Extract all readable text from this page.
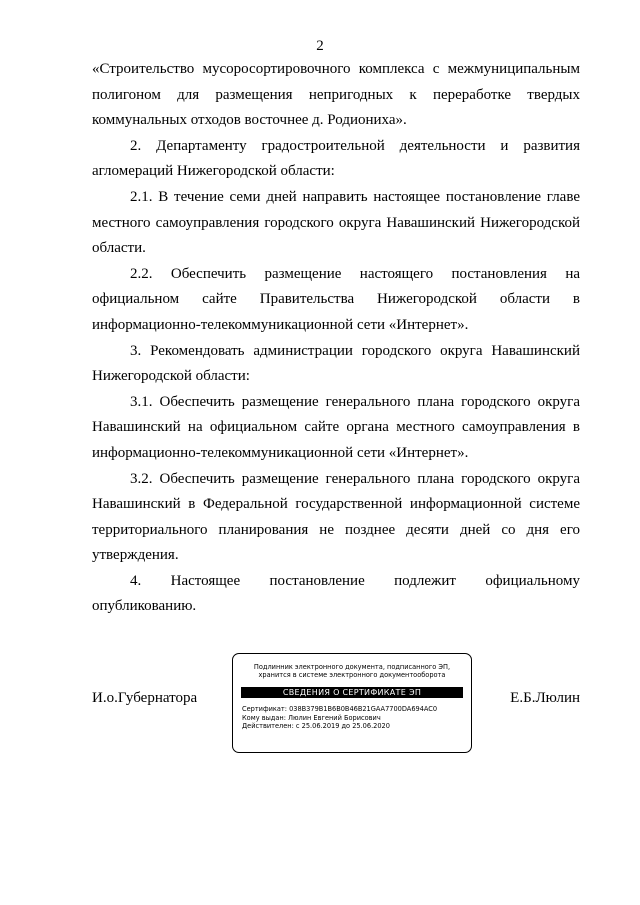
2

«Строительство мусоросортировочного комплекса с межмуниципальным полигоном для размещения непригодных к переработке твердых коммунальных отходов восточнее д. Родиониха».

2. Департаменту градостроительной деятельности и развития агломераций Нижегородской области:

2.1. В течение семи дней направить настоящее постановление главе местного самоуправления городского округа Навашинский Нижегородской области.

2.2. Обеспечить размещение настоящего постановления на официальном сайте Правительства Нижегородской области в информационно-телекоммуникационной сети «Интернет».

3. Рекомендовать администрации городского округа Навашинский Нижегородской области:

3.1. Обеспечить размещение генерального плана городского округа Навашинский на официальном сайте органа местного самоуправления в информационно-телекоммуникационной сети «Интернет».

3.2. Обеспечить размещение генерального плана городского округа Навашинский в Федеральной государственной информационной системе территориального планирования не позднее десяти дней со дня его утверждения.

4. Настоящее постановление подлежит официальному опубликованию.

И.о.Губернатора
Подлинник электронного документа, подписанного ЭП,
хранится в системе электронного документооборота
СВЕДЕНИЯ О СЕРТИФИКАТЕ ЭП
Сертификат: 038B379B1B6B0B46B21GAA7700DA694AC0
Кому выдан: Люлин Евгений Борисович
Действителен: с 25.06.2019 до 25.06.2020
Е.Б.Люлин
